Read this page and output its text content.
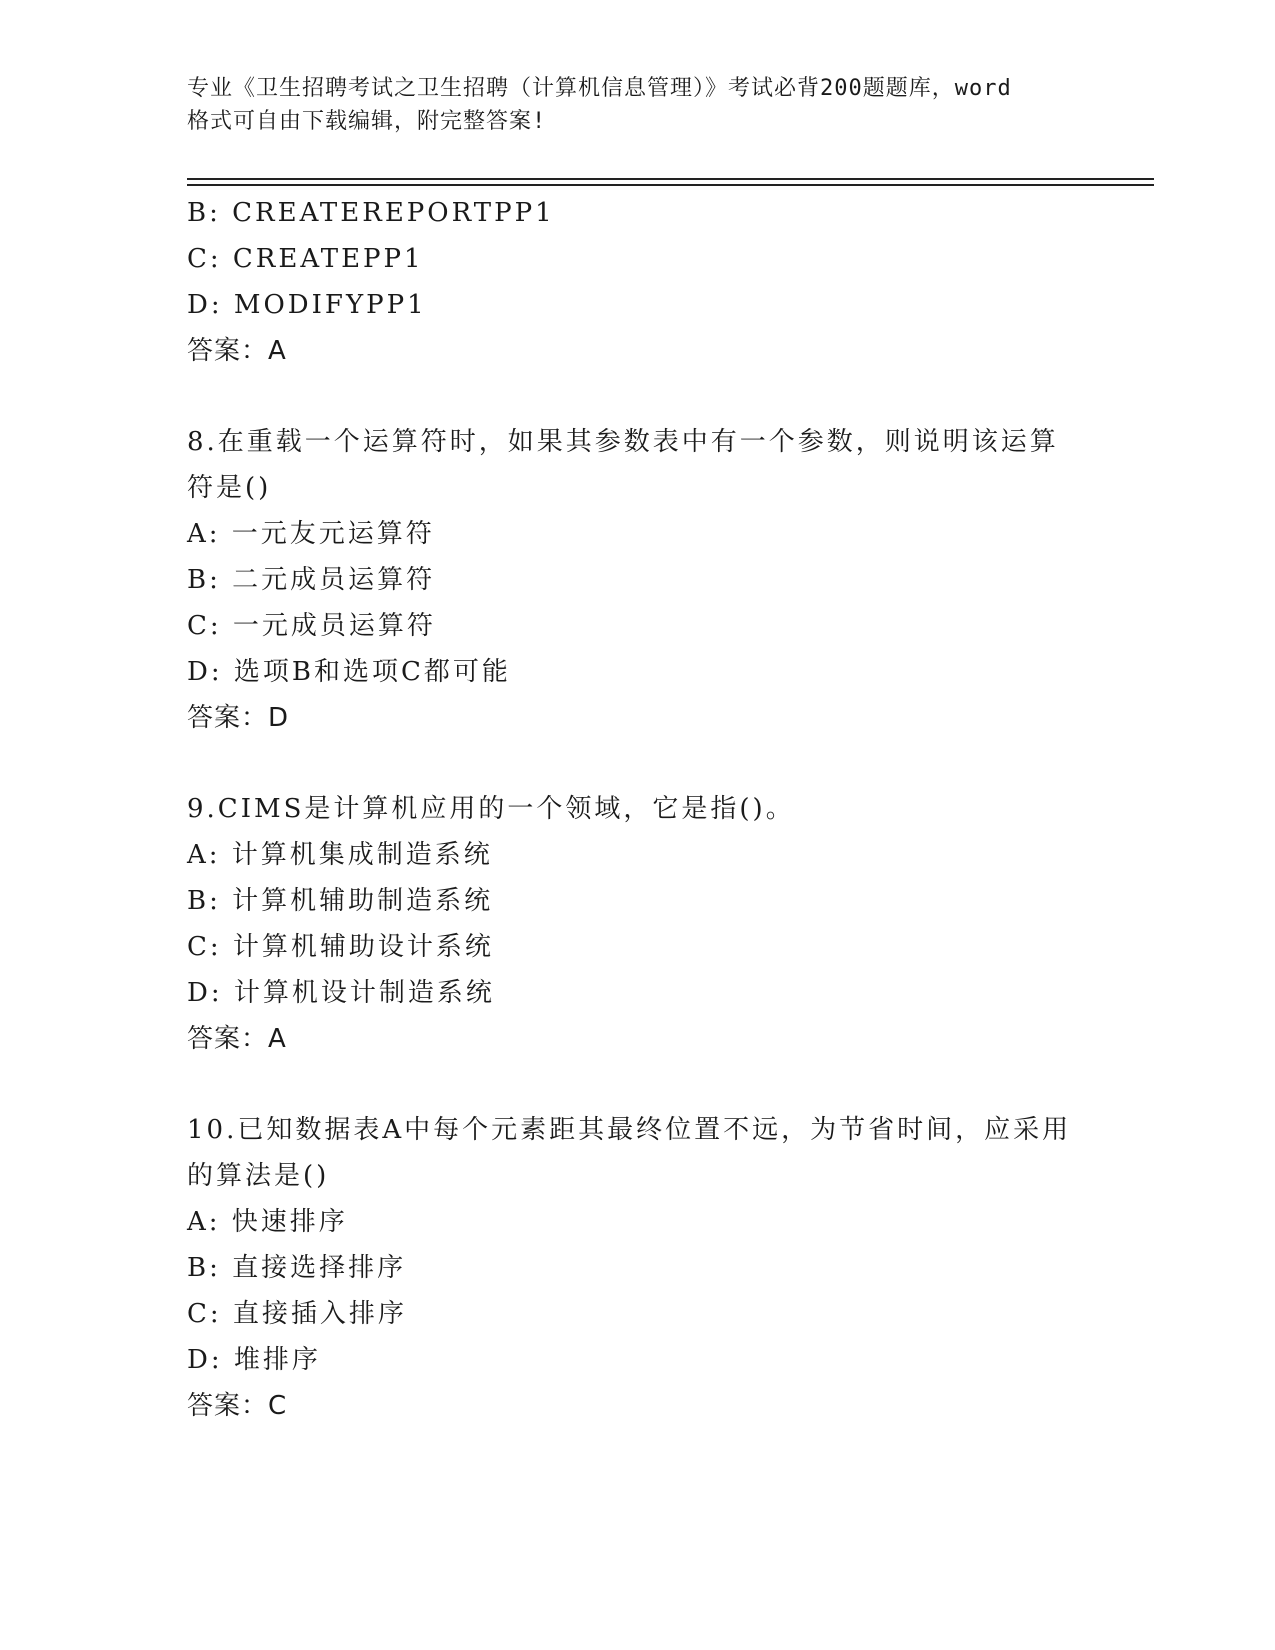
专业《卫生招聘考试之卫生招聘（计算机信息管理）》考试必背200题题库，word
格式可自由下载编辑，附完整答案!
B: CREATEREPORTPP1
C: CREATEPP1
D: MODIFYPP1
答案：A
8.在重载一个运算符时，如果其参数表中有一个参数，则说明该运算
符是()
A: 一元友元运算符
B: 二元成员运算符
C: 一元成员运算符
D: 选项B和选项C都可能
答案：D
9.CIMS是计算机应用的一个领域，它是指()。
A: 计算机集成制造系统
B: 计算机辅助制造系统
C: 计算机辅助设计系统
D: 计算机设计制造系统
答案：A
10.已知数据表A中每个元素距其最终位置不远，为节省时间，应采用
的算法是()
A: 快速排序
B: 直接选择排序
C: 直接插入排序
D: 堆排序
答案：C
